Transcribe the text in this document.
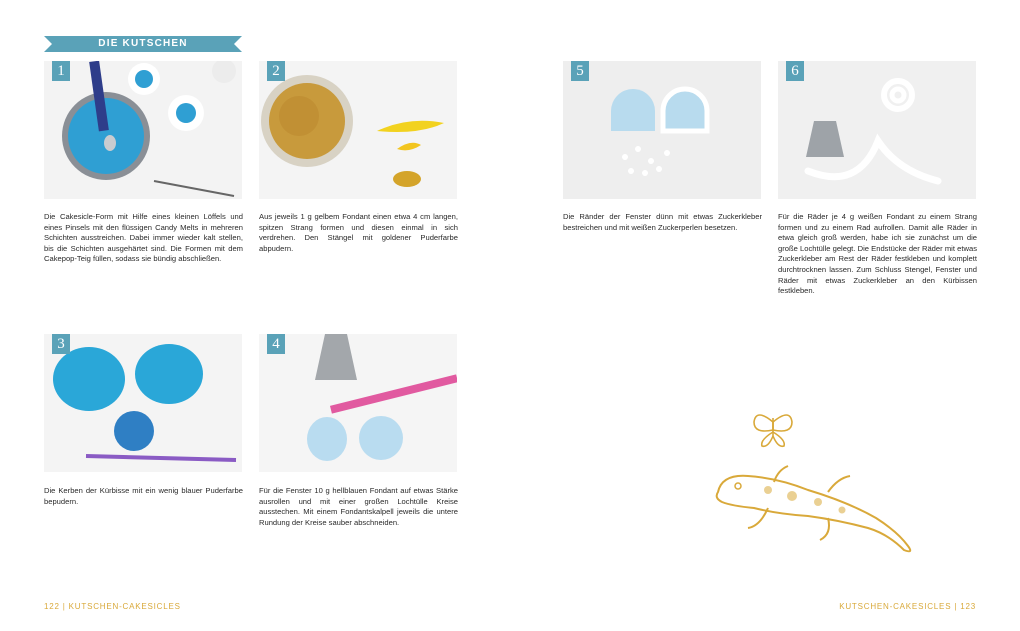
DIE KUTSCHEN
1
Die Cakesicle-Form mit Hilfe eines kleinen Löffels und eines Pinsels mit den flüssigen Candy Melts in mehreren Schichten ausstreichen. Dabei immer wieder kalt stellen, bis die Schichten ausgehärtet sind. Die Formen mit dem Cakepop-Teig füllen, sodass sie bündig abschließen.
2
Aus jeweils 1 g gelbem Fondant einen etwa 4 cm langen, spitzen Strang formen und diesen einmal in sich verdrehen. Den Stängel mit goldener Puderfarbe abpudern.
3
Die Kerben der Kürbisse mit ein wenig blauer Puderfarbe bepudern.
4
Für die Fenster 10 g hellblauen Fondant auf etwas Stärke ausrollen und mit einer großen Lochtülle Kreise ausstechen. Mit einem Fondantskalpell jeweils die untere Rundung der Kreise sauber abschneiden.
5
Die Ränder der Fenster dünn mit etwas Zuckerkleber bestreichen und mit weißen Zuckerperlen besetzen.
6
Für die Räder je 4 g weißen Fondant zu einem Strang formen und zu einem Rad aufrollen. Damit alle Räder in etwa gleich groß werden, habe ich sie zunächst um die große Lochtülle gelegt. Die Endstücke der Räder mit etwas Zuckerkleber am Rest der Räder festkleben und komplett durchtrocknen lassen. Zum Schluss Stengel, Fenster und Räder mit etwas Zuckerkleber an den Kürbissen festkleben.
122 | KUTSCHEN-CAKESICLES	KUTSCHEN-CAKESICLES | 123
